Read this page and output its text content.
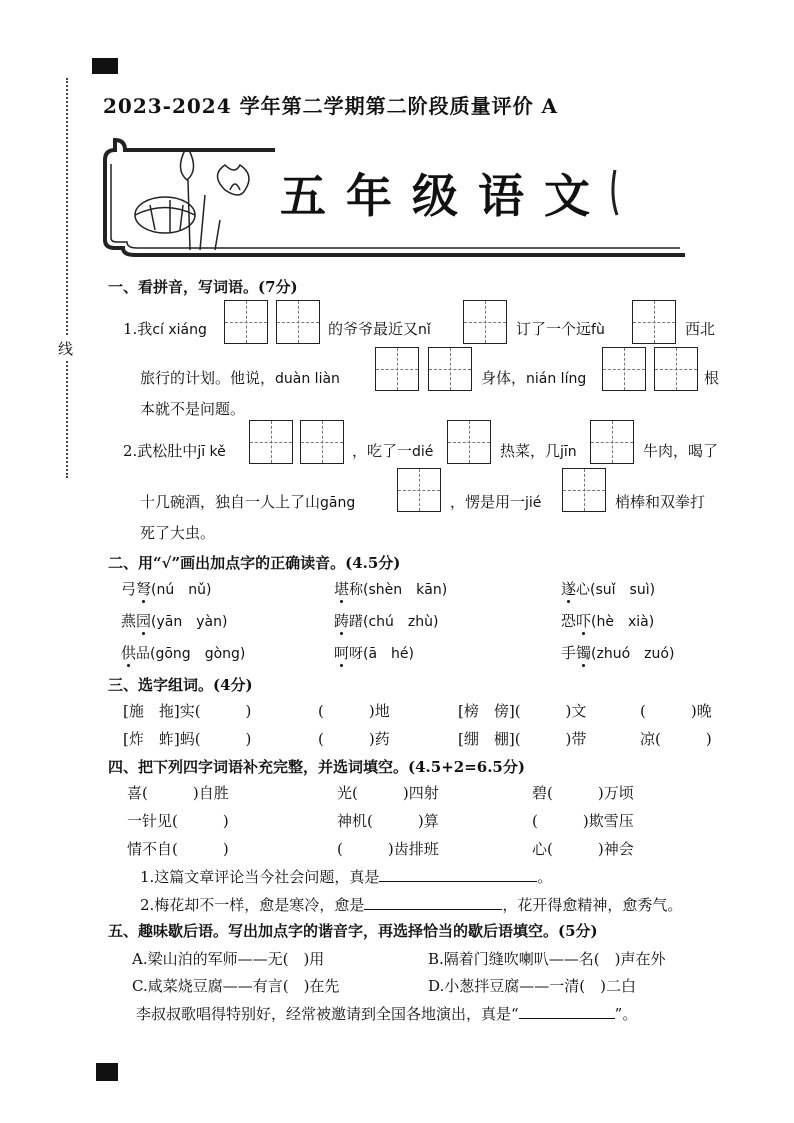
线
2023-2024 学年第二学期第二阶段质量评价 A
五年级语文
一、看拼音，写词语。(7分)
1.我cí xiáng	的爷爷最近又nǐ	订了一个远fù	西北
旅行的计划。他说，duàn liàn	身体，nián líng	根
本就不是问题。
2.武松肚中jī kě	，吃了一dié	热菜，几jīn	牛肉，喝了
十几碗酒，独自一人上了山gāng	，愣是用一jié	梢棒和双拳打
死了大虫。
二、用“√”画出加点字的正确读音。(4.5分)
弓弩(nú　nǔ)	堪称(shèn　kān)	遂心(suǐ　suì)
燕园(yān　yàn)	踌躇(chú　zhù)	恐吓(hè　xià)
供品(gōng　gòng)	呵呀(ā　hé)	手镯(zhuó　zuó)
三、选字组词。(4分)
[施　拖]实(　　　)	(　　　)地	[榜　傍](　　　)文	(　　　)晚
[炸　蚱]蚂(　　　)	(　　　)药	[绷　棚](　　　)带	凉(　　　)
四、把下列四字词语补充完整，并选词填空。(4.5+2=6.5分)
喜(　　　)自胜	光(　　　)四射	碧(　　　)万顷
一针见(　　　)	神机(　　　)算	(　　　)欺雪压
情不自(　　　)	(　　　)齿排班	心(　　　)神会
1.这篇文章评论当今社会问题，真是	。
2.梅花却不一样，愈是寒冷，愈是	，花开得愈精神，愈秀气。
五、趣味歇后语。写出加点字的谐音字，再选择恰当的歇后语填空。(5分)
A.梁山泊的军师——无(　)用	B.隔着门缝吹喇叭——名(　)声在外
C.咸菜烧豆腐——有言(　)在先	D.小葱拌豆腐——一清(　)二白
李叔叔歌唱得特别好，经常被邀请到全国各地演出，真是“	”。
